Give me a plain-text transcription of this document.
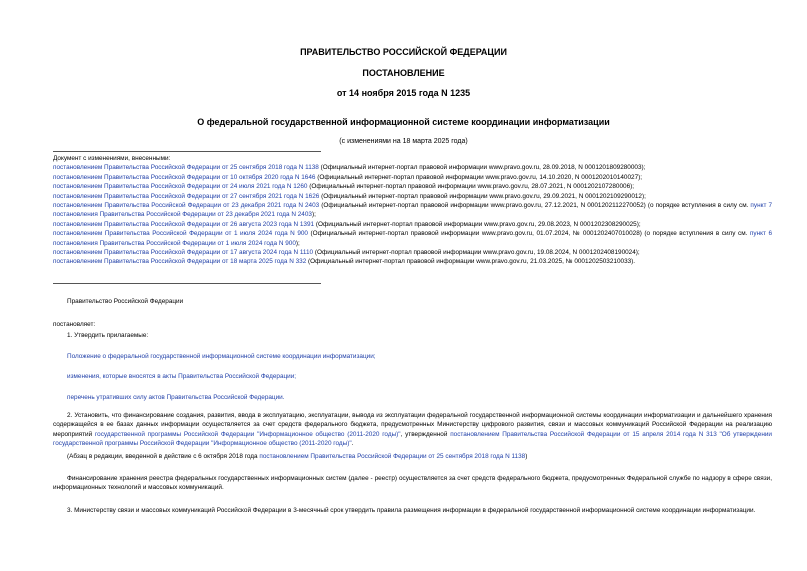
ПРАВИТЕЛЬСТВО РОССИЙСКОЙ ФЕДЕРАЦИИ
ПОСТАНОВЛЕНИЕ
от 14 ноября 2015 года N 1235
О федеральной государственной информационной системе координации информатизации
(с изменениями на 18 марта 2025 года)
Документ с изменениями, внесенными:
постановлением Правительства Российской Федерации от 25 сентября 2018 года N 1138 (Официальный интернет-портал правовой информации www.pravo.gov.ru, 28.09.2018, N 0001201809280003);
постановлением Правительства Российской Федерации от 10 октября 2020 года N 1646 (Официальный интернет-портал правовой информации www.pravo.gov.ru, 14.10.2020, N 0001202010140027);
постановлением Правительства Российской Федерации от 24 июля 2021 года N 1260 (Официальный интернет-портал правовой информации www.pravo.gov.ru, 28.07.2021, N 0001202107280006);
постановлением Правительства Российской Федерации от 27 сентября 2021 года N 1626 (Официальный интернет-портал правовой информации www.pravo.gov.ru, 29.09.2021, N 0001202109290012);
постановлением Правительства Российской Федерации от 23 декабря 2021 года N 2403 (Официальный интернет-портал правовой информации www.pravo.gov.ru, 27.12.2021, N 0001202112270052) (о порядке вступления в силу см. пункт 7 постановления Правительства Российской Федерации от 23 декабря 2021 года N 2403);
постановлением Правительства Российской Федерации от 26 августа 2023 года N 1391 (Официальный интернет-портал правовой информации www.pravo.gov.ru, 29.08.2023, N 0001202308290025);
постановлением Правительства Российской Федерации от 1 июля 2024 года N 900 (Официальный интернет-портал правовой информации www.pravo.gov.ru, 01.07.2024, № 0001202407010028) (о порядке вступления в силу см. пункт 6 постановления Правительства Российской Федерации от 1 июля 2024 года N 900);
постановлением Правительства Российской Федерации от 17 августа 2024 года N 1110 (Официальный интернет-портал правовой информации www.pravo.gov.ru, 19.08.2024, N 0001202408190024);
постановлением Правительства Российской Федерации от 18 марта 2025 года N 332 (Официальный интернет-портал правовой информации www.pravo.gov.ru, 21.03.2025, № 0001202503210033).
Правительство Российской Федерации
постановляет:
1. Утвердить прилагаемые:
Положение о федеральной государственной информационной системе координации информатизации;
изменения, которые вносятся в акты Правительства Российской Федерации;
перечень утративших силу актов Правительства Российской Федерации.
2. Установить, что финансирование создания, развития, ввода в эксплуатацию, эксплуатации, вывода из эксплуатации федеральной государственной информационной системы координации информатизации и дальнейшего хранения содержащейся в ее базах данных информации осуществляется за счет средств федерального бюджета, предусмотренных Министерству цифрового развития, связи и массовых коммуникаций Российской Федерации на реализацию мероприятий государственной программы Российской Федерации "Информационное общество (2011-2020 годы)", утвержденной постановлением Правительства Российской Федерации от 15 апреля 2014 года N 313 "Об утверждении государственной программы Российской Федерации "Информационное общество (2011-2020 годы)".
(Абзац в редакции, введенной в действие с 6 октября 2018 года постановлением Правительства Российской Федерации от 25 сентября 2018 года N 1138)
Финансирование хранения реестра федеральных государственных информационных систем (далее - реестр) осуществляется за счет средств федерального бюджета, предусмотренных Федеральной службе по надзору в сфере связи, информационных технологий и массовых коммуникаций.
3. Министерству связи и массовых коммуникаций Российской Федерации в 3-месячный срок утвердить правила размещения информации в федеральной государственной информационной системе координации информатизации.
